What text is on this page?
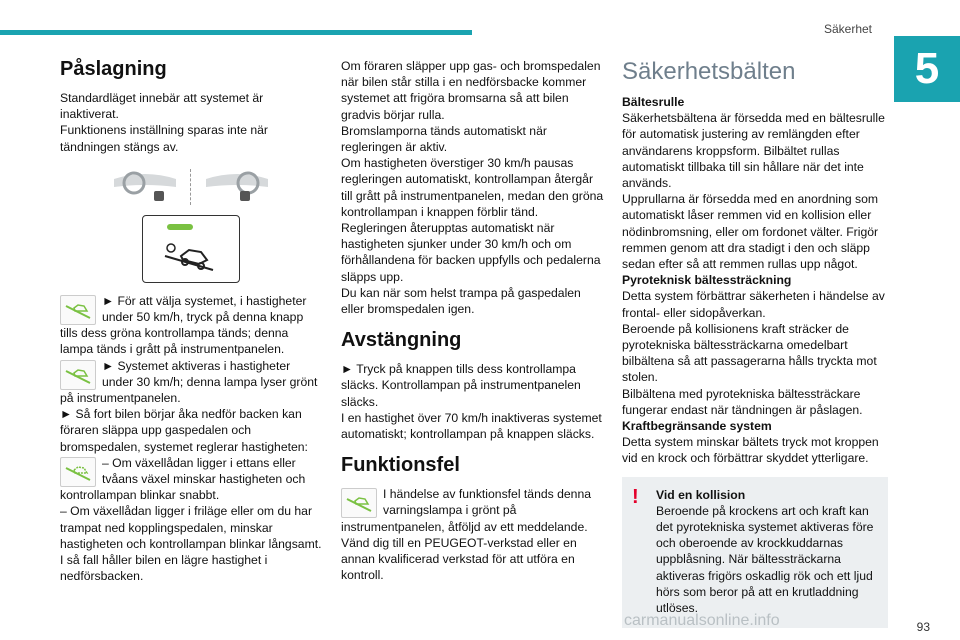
Säkerhet
5
Påslagning

Standardläget innebär att systemet är inaktiverat.

Funktionens inställning sparas inte när tändningen stängs av.

► För att välja systemet, i hastigheter under 50 km/h, tryck på denna knapp tills dess gröna kontrollampa tänds; denna lampa tänds i grått på instrumentpanelen.

► Systemet aktiveras i hastigheter under 30 km/h; denna lampa lyser grönt på instrumentpanelen.

► Så fort bilen börjar åka nedför backen kan föraren släppa upp gaspedalen och bromspedalen, systemet reglerar hastigheten:

– Om växellådan ligger i ettans eller tvåans växel minskar hastigheten och kontrollampan blinkar snabbt.

– Om växellådan ligger i friläge eller om du har trampat ned kopplingspedalen, minskar hastigheten och kontrollampan blinkar långsamt. I så fall håller bilen en lägre hastighet i nedförsbacken.

Om föraren släpper upp gas- och bromspedalen när bilen står stilla i en nedförsbacke kommer systemet att frigöra bromsarna så att bilen gradvis börjar rulla.

Bromslamporna tänds automatiskt när regleringen är aktiv.

Om hastigheten överstiger 30 km/h pausas regleringen automatiskt, kontrollampan återgår till grått på instrumentpanelen, medan den gröna kontrollampan i knappen förblir tänd.

Regleringen återupptas automatiskt när hastigheten sjunker under 30 km/h och om förhållandena för backen uppfylls och pedalerna släpps upp.

Du kan när som helst trampa på gaspedalen eller bromspedalen igen.

Avstängning

► Tryck på knappen tills dess kontrollampa släcks. Kontrollampan på instrumentpanelen släcks.

I en hastighet över 70 km/h inaktiveras systemet automatiskt; kontrollampan på knappen släcks.

Funktionsfel

I händelse av funktionsfel tänds denna varningslampa i grönt på instrumentpanelen, åtföljd av ett meddelande.

Vänd dig till en PEUGEOT-verkstad eller en annan kvalificerad verkstad för att utföra en kontroll.

Säkerhetsbälten

Bältesrulle

Säkerhetsbältena är försedda med en bältesrulle för automatisk justering av remlängden efter användarens kroppsform. Bilbältet rullas automatiskt tillbaka till sin hållare när det inte används.

Upprullarna är försedda med en anordning som automatiskt låser remmen vid en kollision eller nödinbromsning, eller om fordonet välter. Frigör remmen genom att dra stadigt i den och släpp sedan efter så att remmen rullas upp något.

Pyroteknisk bältessträckning

Detta system förbättrar säkerheten i händelse av frontal- eller sidopåverkan.

Beroende på kollisionens kraft sträcker de pyrotekniska bältessträckarna omedelbart bilbältena så att passagerarna hålls tryckta mot stolen.

Bilbältena med pyrotekniska bältessträckare fungerar endast när tändningen är påslagen.

Kraftbegränsande system

Detta system minskar bältets tryck mot kroppen vid en krock och förbättrar skyddet ytterligare.

! Vid en kollision

Beroende på krockens art och kraft kan det pyrotekniska systemet aktiveras före och oberoende av krockkuddarnas uppblåsning. När bältessträckarna aktiveras frigörs oskadlig rök och ett ljud hörs som beror på att en krutladdning utlöses.

carmanualsonline.info	93
